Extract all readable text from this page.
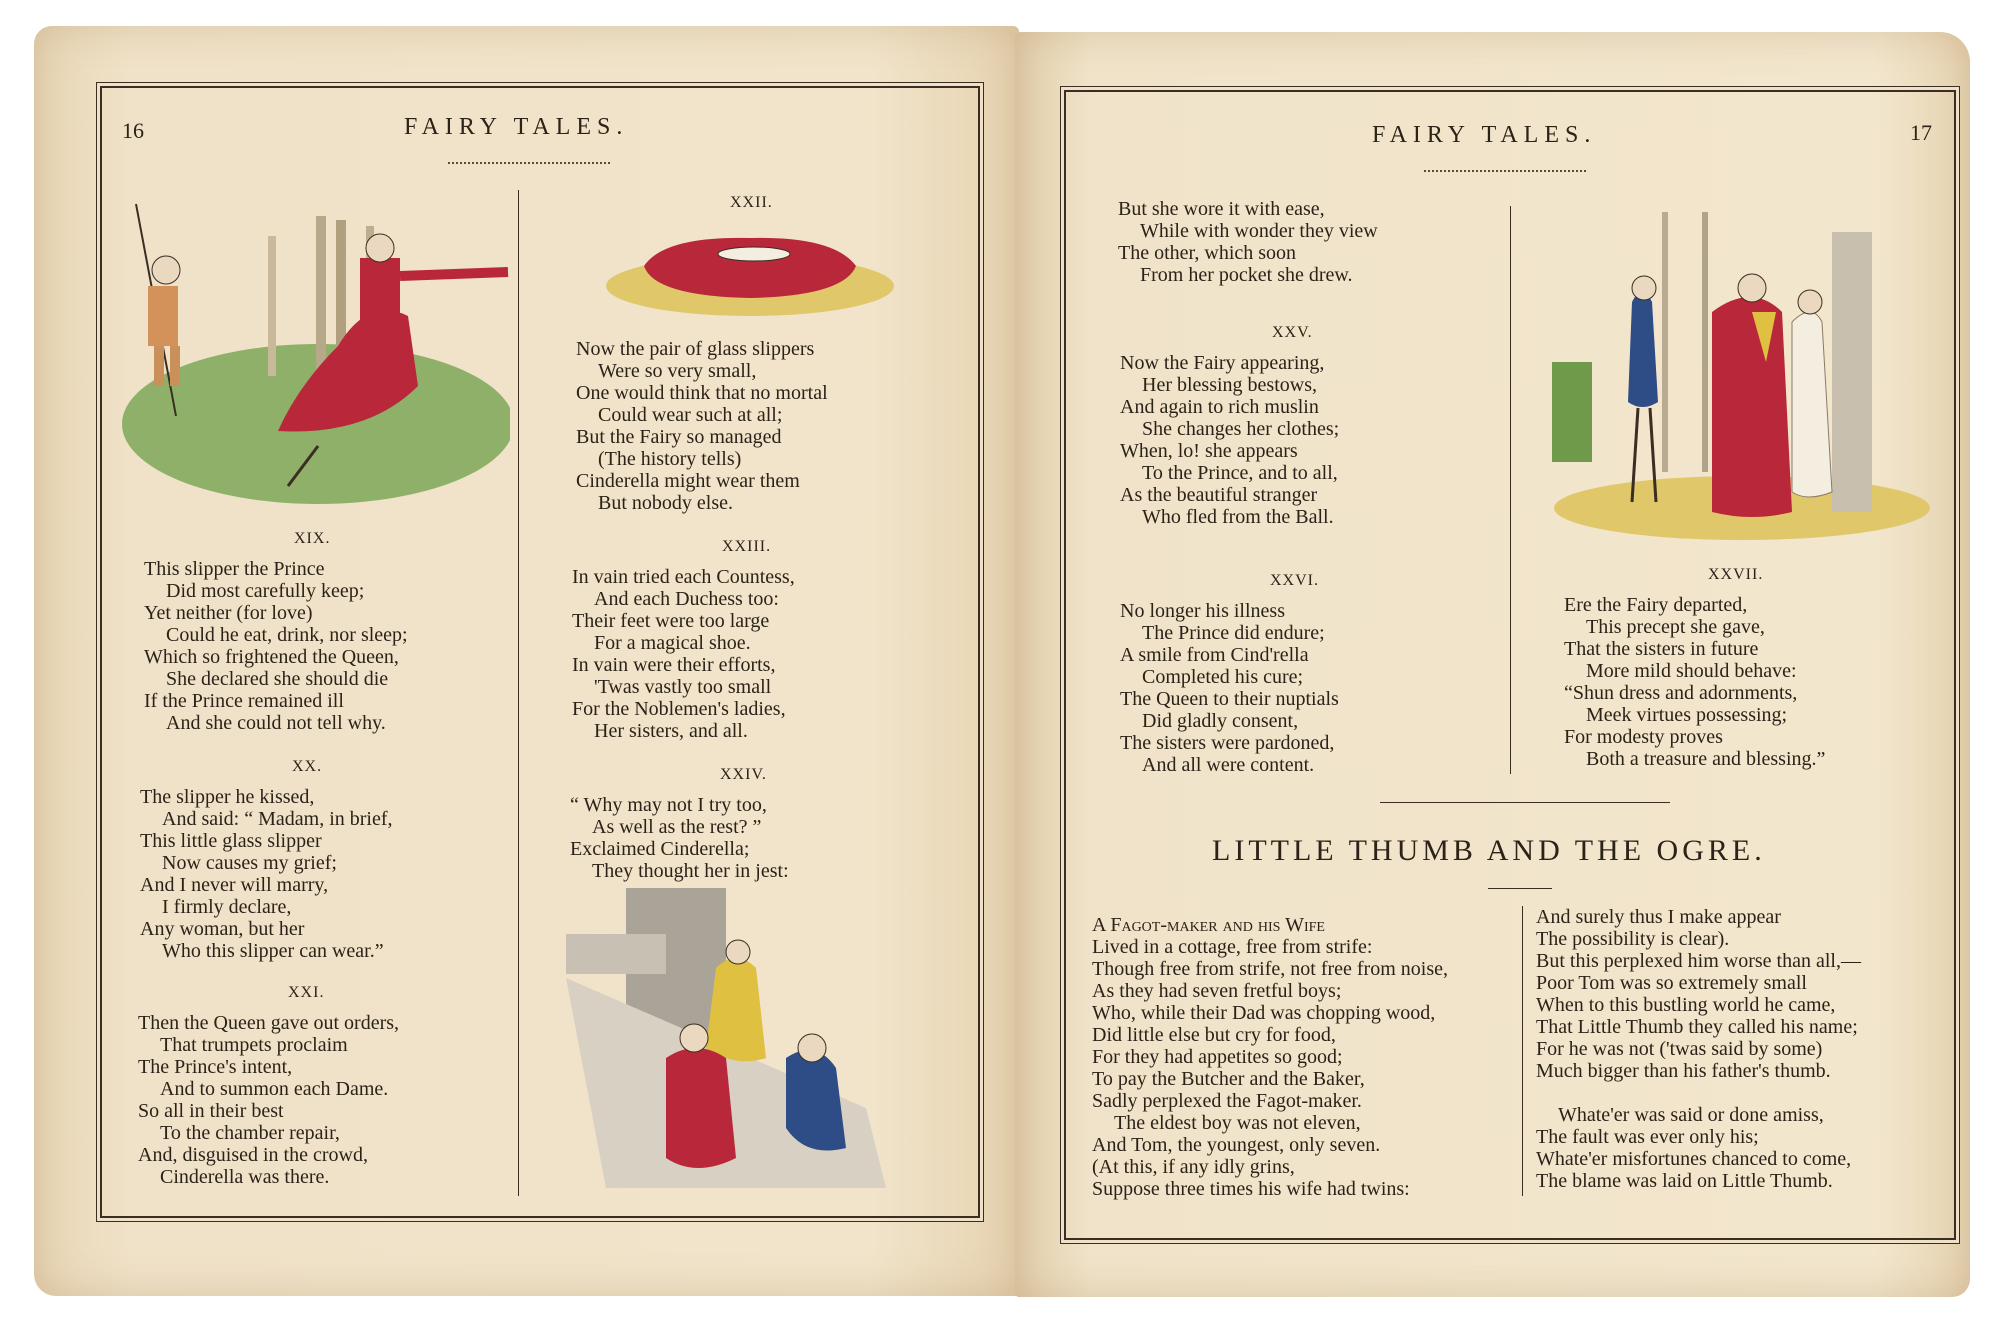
16	FAIRY TALES.
XIX.
This slipper the Prince
Did most carefully keep;
Yet neither (for love)
Could he eat, drink, nor sleep;
Which so frightened the Queen,
She declared she should die
If the Prince remained ill
And she could not tell why.
XX.
The slipper he kissed,
And said: “ Madam, in brief,
This little glass slipper
Now causes my grief;
And I never will marry,
I firmly declare,
Any woman, but her
Who this slipper can wear.”
XXI.
Then the Queen gave out orders,
That trumpets proclaim
The Prince's intent,
And to summon each Dame.
So all in their best
To the chamber repair,
And, disguised in the crowd,
Cinderella was there.
XXII.
Now the pair of glass slippers
Were so very small,
One would think that no mortal
Could wear such at all;
But the Fairy so managed
(The history tells)
Cinderella might wear them
But nobody else.
XXIII.
In vain tried each Countess,
And each Duchess too:
Their feet were too large
For a magical shoe.
In vain were their efforts,
'Twas vastly too small
For the Noblemen's ladies,
Her sisters, and all.
XXIV.
“ Why may not I try too,
As well as the rest? ”
Exclaimed Cinderella;
They thought her in jest:
FAIRY TALES.	17
But she wore it with ease,
While with wonder they view
The other, which soon
From her pocket she drew.
XXV.
Now the Fairy appearing,
Her blessing bestows,
And again to rich muslin
She changes her clothes;
When, lo! she appears
To the Prince, and to all,
As the beautiful stranger
Who fled from the Ball.
XXVI.
No longer his illness
The Prince did endure;
A smile from Cind'rella
Completed his cure;
The Queen to their nuptials
Did gladly consent,
The sisters were pardoned,
And all were content.
XXVII.
Ere the Fairy departed,
This precept she gave,
That the sisters in future
More mild should behave:
“Shun dress and adornments,
Meek virtues possessing;
For modesty proves
Both a treasure and blessing.”
LITTLE THUMB AND THE OGRE.
A Fagot-maker and his Wife
Lived in a cottage, free from strife:
Though free from strife, not free from noise,
As they had seven fretful boys;
Who, while their Dad was chopping wood,
Did little else but cry for food,
For they had appetites so good;
To pay the Butcher and the Baker,
Sadly perplexed the Fagot-maker.
The eldest boy was not eleven,
And Tom, the youngest, only seven.
(At this, if any idly grins,
Suppose three times his wife had twins:
And surely thus I make appear
The possibility is clear).
But this perplexed him worse than all,—
Poor Tom was so extremely small
When to this bustling world he came,
That Little Thumb they called his name;
For he was not ('twas said by some)
Much bigger than his father's thumb.
Whate'er was said or done amiss,
The fault was ever only his;
Whate'er misfortunes chanced to come,
The blame was laid on Little Thumb.
